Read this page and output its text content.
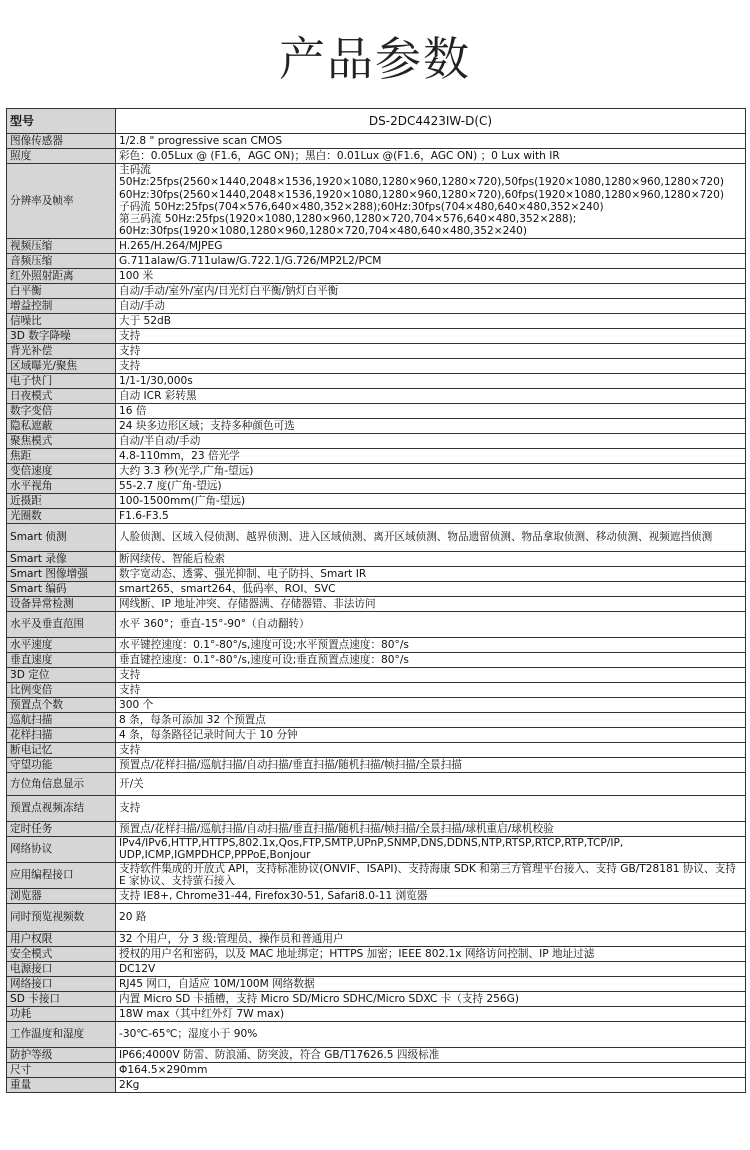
产品参数
型号	DS-2DC4423IW-D(C)
图像传感器	1/2.8 " progressive scan CMOS
照度	彩色：0.05Lux @ (F1.6，AGC ON)；黑白：0.01Lux @(F1.6，AGC ON) ；0 Lux with IR
分辨率及帧率	主码流 50Hz:25fps(2560×1440,2048×1536,1920×1080,1280×960,1280×720),50fps(1920×1080,1280×960,1280×720)
60Hz:30fps(2560×1440,2048×1536,1920×1080,1280×960,1280×720),60fps(1920×1080,1280×960,1280×720)
子码流 50Hz:25fps(704×576,640×480,352×288);60Hz:30fps(704×480,640×480,352×240)
第三码流 50Hz:25fps(1920×1080,1280×960,1280×720,704×576,640×480,352×288);
60Hz:30fps(1920×1080,1280×960,1280×720,704×480,640×480,352×240)
视频压缩	H.265/H.264/MJPEG
音频压缩	G.711alaw/G.711ulaw/G.722.1/G.726/MP2L2/PCM
红外照射距离	100 米
白平衡	自动/手动/室外/室内/日光灯白平衡/钠灯白平衡
增益控制	自动/手动
信噪比	大于 52dB
3D 数字降噪	支持
背光补偿	支持
区域曝光/聚焦	支持
电子快门	1/1-1/30,000s
日夜模式	自动 ICR 彩转黑
数字变倍	16 倍
隐私遮蔽	24 块多边形区域；支持多种颜色可选
聚焦模式	自动/半自动/手动
焦距	4.8-110mm，23 倍光学
变倍速度	大约 3.3 秒(光学,广角-望远)
水平视角	55-2.7 度(广角-望远)
近摄距	100-1500mm(广角-望远)
光圈数	F1.6-F3.5
Smart 侦测	人脸侦测、区域入侵侦测、越界侦测、进入区域侦测、离开区域侦测、物品遗留侦测、物品拿取侦测、移动侦测、视频遮挡侦测
Smart 录像	断网续传、智能后检索
Smart 图像增强	数字宽动态、透雾、强光抑制、电子防抖、Smart IR
Smart 编码	smart265、smart264、低码率、ROI、SVC
设备异常检测	网线断、IP 地址冲突、存储器满、存储器错、非法访问
水平及垂直范围	水平 360°；垂直-15°-90°（自动翻转）
水平速度	水平键控速度：0.1°-80°/s,速度可设;水平预置点速度：80°/s
垂直速度	垂直键控速度：0.1°-80°/s,速度可设;垂直预置点速度：80°/s
3D 定位	支持
比例变倍	支持
预置点个数	300 个
巡航扫描	8 条，每条可添加 32 个预置点
花样扫描	4 条，每条路径记录时间大于 10 分钟
断电记忆	支持
守望功能	预置点/花样扫描/巡航扫描/自动扫描/垂直扫描/随机扫描/帧扫描/全景扫描
方位角信息显示	开/关
预置点视频冻结	支持
定时任务	预置点/花样扫描/巡航扫描/自动扫描/垂直扫描/随机扫描/帧扫描/全景扫描/球机重启/球机校验
网络协议	IPv4/IPv6,HTTP,HTTPS,802.1x,Qos,FTP,SMTP,UPnP,SNMP,DNS,DDNS,NTP,RTSP,RTCP,RTP,TCP/IP,
UDP,ICMP,IGMPDHCP,PPPoE,Bonjour
应用编程接口	支持软件集成的开放式 API，支持标准协议(ONVIF、ISAPI)、支持海康 SDK 和第三方管理平台接入、支持 GB/T28181 协议、支持 E 家协议、支持萤石接入
浏览器	支持 IE8+, Chrome31-44, Firefox30-51, Safari8.0-11 浏览器
同时预览视频数	20 路
用户权限	32 个用户，分 3 级:管理员、操作员和普通用户
安全模式	授权的用户名和密码，以及 MAC 地址绑定；HTTPS 加密；IEEE 802.1x 网络访问控制、IP 地址过滤
电源接口	DC12V
网络接口	RJ45 网口，自适应 10M/100M 网络数据
SD 卡接口	内置 Micro SD 卡插槽，支持 Micro SD/Micro SDHC/Micro SDXC 卡（支持 256G)
功耗	18W max（其中红外灯 7W max)
工作温度和湿度	-30℃-65℃；湿度小于 90%
防护等级	IP66;4000V 防雷、防浪涌、防突波，符合 GB/T17626.5 四级标准
尺寸	Φ164.5×290mm
重量	2Kg
